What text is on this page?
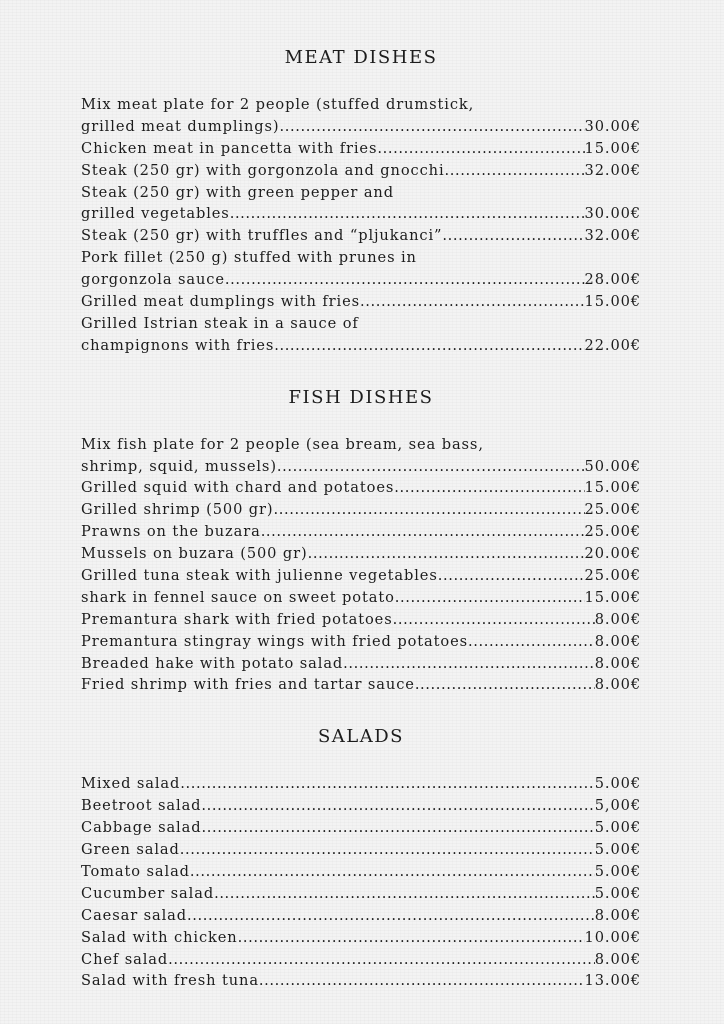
MEAT DISHES
Mix meat plate for 2 people (stuffed drumstick,
grilled meat dumplings) .....	30.00€
Chicken meat in pancetta with fries .....	15.00€
Steak (250 gr) with gorgonzola and gnocchi .....	32.00€
Steak (250 gr) with green pepper and
grilled vegetables .....	30.00€
Steak (250 gr) with truffles and “pljukanci” .....	32.00€
Pork fillet (250 g) stuffed with prunes in
gorgonzola sauce .....	28.00€
Grilled meat dumplings with fries .....	15.00€
Grilled Istrian steak in a sauce of
champignons with fries .....	22.00€
FISH DISHES
Mix fish plate for 2 people (sea bream, sea bass,
shrimp, squid, mussels) .....	50.00€
Grilled squid with chard and potatoes .....	15.00€
Grilled shrimp (500 gr) .....	25.00€
Prawns on the buzara .....	25.00€
Mussels on buzara (500 gr) .....	20.00€
Grilled tuna steak with julienne vegetables .....	25.00€
shark in fennel sauce on sweet potato .....	15.00€
Premantura shark with fried potatoes .....	8.00€
Premantura stingray wings with fried potatoes .....	8.00€
Breaded hake with potato salad .....	8.00€
Fried shrimp with fries and tartar sauce .....	8.00€
SALADS
Mixed salad .....	5.00€
Beetroot salad .....	5,00€
Cabbage salad .....	5.00€
Green salad .....	5.00€
Tomato salad .....	5.00€
Cucumber salad .....	5.00€
Caesar salad .....	8.00€
Salad with chicken .....	10.00€
Chef salad .....	8.00€
Salad with fresh tuna .....	13.00€
